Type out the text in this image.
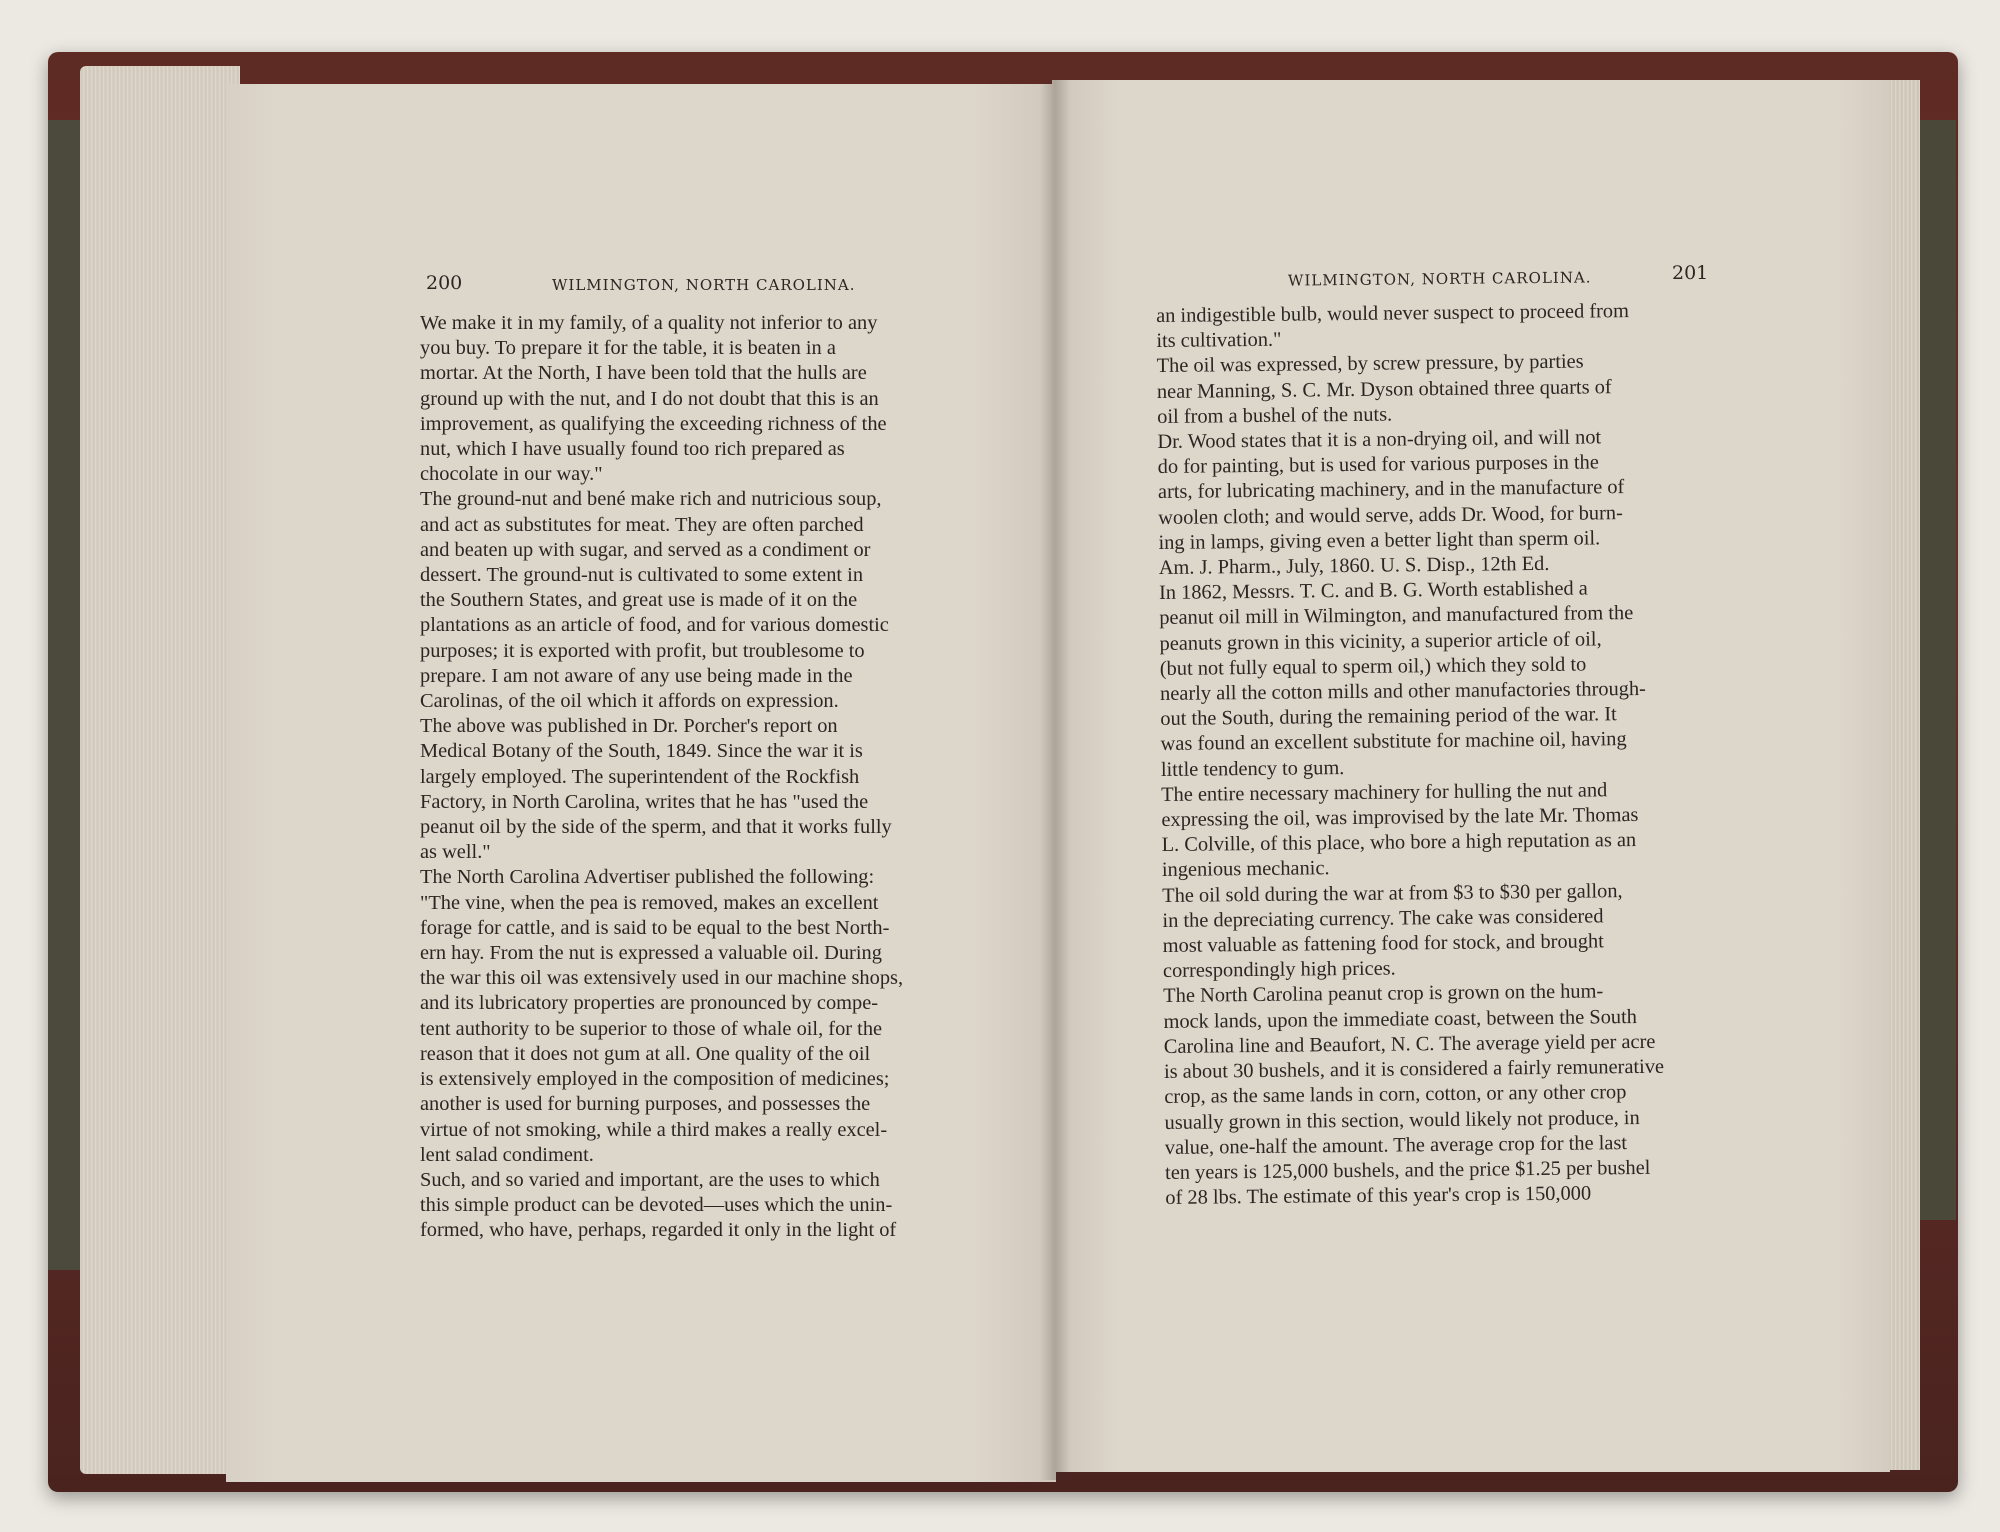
200	WILMINGTON, NORTH CAROLINA.	WILMINGTON, NORTH CAROLINA.	201
We make it in my family, of a quality not inferior to any
you buy. To prepare it for the table, it is beaten in a
mortar. At the North, I have been told that the hulls are
ground up with the nut, and I do not doubt that this is an
improvement, as qualifying the exceeding richness of the
nut, which I have usually found too rich prepared as
chocolate in our way."
The ground-nut and bené make rich and nutricious soup,
and act as substitutes for meat. They are often parched
and beaten up with sugar, and served as a condiment or
dessert. The ground-nut is cultivated to some extent in
the Southern States, and great use is made of it on the
plantations as an article of food, and for various domestic
purposes; it is exported with profit, but troublesome to
prepare. I am not aware of any use being made in the
Carolinas, of the oil which it affords on expression.
The above was published in Dr. Porcher's report on
Medical Botany of the South, 1849. Since the war it is
largely employed. The superintendent of the Rockfish
Factory, in North Carolina, writes that he has "used the
peanut oil by the side of the sperm, and that it works fully
as well."
The North Carolina Advertiser published the following:
"The vine, when the pea is removed, makes an excellent
forage for cattle, and is said to be equal to the best North-
ern hay. From the nut is expressed a valuable oil. During
the war this oil was extensively used in our machine shops,
and its lubricatory properties are pronounced by compe-
tent authority to be superior to those of whale oil, for the
reason that it does not gum at all. One quality of the oil
is extensively employed in the composition of medicines;
another is used for burning purposes, and possesses the
virtue of not smoking, while a third makes a really excel-
lent salad condiment.
Such, and so varied and important, are the uses to which
this simple product can be devoted—uses which the unin-
formed, who have, perhaps, regarded it only in the light of
an indigestible bulb, would never suspect to proceed from
its cultivation."
The oil was expressed, by screw pressure, by parties
near Manning, S. C. Mr. Dyson obtained three quarts of
oil from a bushel of the nuts.
Dr. Wood states that it is a non-drying oil, and will not
do for painting, but is used for various purposes in the
arts, for lubricating machinery, and in the manufacture of
woolen cloth; and would serve, adds Dr. Wood, for burn-
ing in lamps, giving even a better light than sperm oil.
Am. J. Pharm., July, 1860. U. S. Disp., 12th Ed.
In 1862, Messrs. T. C. and B. G. Worth established a
peanut oil mill in Wilmington, and manufactured from the
peanuts grown in this vicinity, a superior article of oil,
(but not fully equal to sperm oil,) which they sold to
nearly all the cotton mills and other manufactories through-
out the South, during the remaining period of the war. It
was found an excellent substitute for machine oil, having
little tendency to gum.
The entire necessary machinery for hulling the nut and
expressing the oil, was improvised by the late Mr. Thomas
L. Colville, of this place, who bore a high reputation as an
ingenious mechanic.
The oil sold during the war at from $3 to $30 per gallon,
in the depreciating currency. The cake was considered
most valuable as fattening food for stock, and brought
correspondingly high prices.
The North Carolina peanut crop is grown on the hum-
mock lands, upon the immediate coast, between the South
Carolina line and Beaufort, N. C. The average yield per acre
is about 30 bushels, and it is considered a fairly remunerative
crop, as the same lands in corn, cotton, or any other crop
usually grown in this section, would likely not produce, in
value, one-half the amount. The average crop for the last
ten years is 125,000 bushels, and the price $1.25 per bushel
of 28 lbs. The estimate of this year's crop is 150,000
